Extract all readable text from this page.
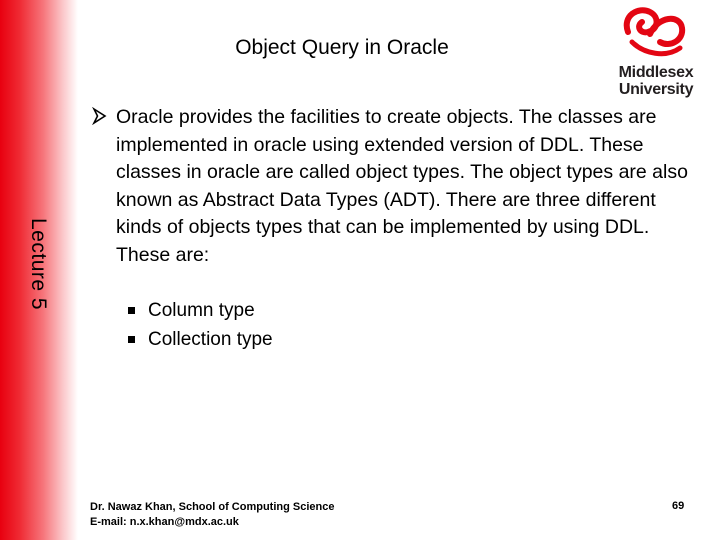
Lecture 5
Object Query in Oracle
Middlesex
University
Oracle provides the facilities to create objects. The classes are implemented in oracle using extended version of DDL. These classes in oracle are called object types. The object types are also known as Abstract Data Types (ADT). There are three different kinds of objects types that can be implemented by using DDL. These are:
Column type
Collection type
Dr. Nawaz Khan, School of Computing Science
E-mail: n.x.khan@mdx.ac.uk
69
